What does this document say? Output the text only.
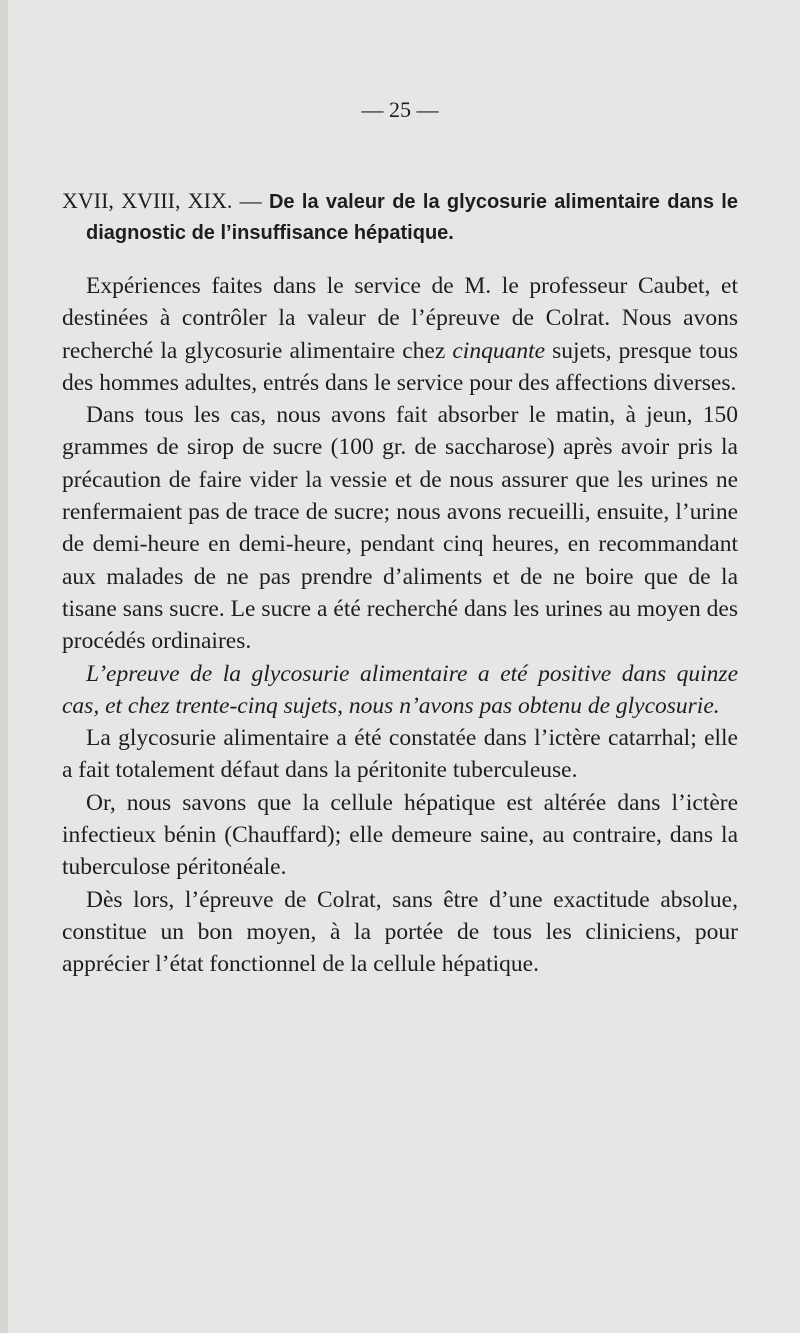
— 25 —
XVII, XVIII, XIX. — De la valeur de la glycosurie alimentaire dans le diagnostic de l’insuffisance hépatique.

Expériences faites dans le service de M. le professeur Caubet, et destinées à contrôler la valeur de l’épreuve de Colrat. Nous avons recherché la glycosurie alimentaire chez cinquante sujets, presque tous des hommes adultes, entrés dans le service pour des affections diverses.

Dans tous les cas, nous avons fait absorber le matin, à jeun, 150 grammes de sirop de sucre (100 gr. de saccharose) après avoir pris la précaution de faire vider la vessie et de nous assurer que les urines ne renfermaient pas de trace de sucre; nous avons recueilli, ensuite, l’urine de demi-heure en demi-heure, pendant cinq heures, en recommandant aux malades de ne pas prendre d’aliments et de ne boire que de la tisane sans sucre. Le sucre a été recherché dans les urines au moyen des procédés ordinaires.

L’epreuve de la glycosurie alimentaire a eté positive dans quinze cas, et chez trente-cinq sujets, nous n’avons pas obtenu de glycosurie.

La glycosurie alimentaire a été constatée dans l’ictère catarrhal; elle a fait totalement défaut dans la péritonite tuberculeuse.

Or, nous savons que la cellule hépatique est altérée dans l’ictère infectieux bénin (Chauffard); elle demeure saine, au contraire, dans la tuberculose péritonéale.

Dès lors, l’épreuve de Colrat, sans être d’une exactitude absolue, constitue un bon moyen, à la portée de tous les cliniciens, pour apprécier l’état fonctionnel de la cellule hépatique.
